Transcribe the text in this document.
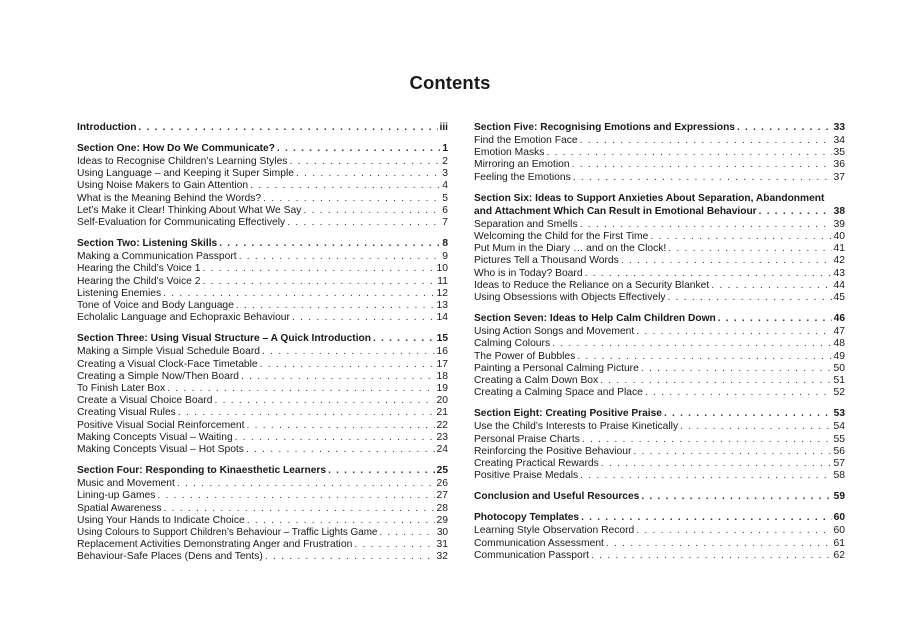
Contents
Introduction . . .	iii
Section One: How Do We Communicate? . . .	1
Ideas to Recognise Children’s Learning Styles . . .	2
Using Language – and Keeping it Super Simple . . .	3
Using Noise Makers to Gain Attention . . .	4
What is the Meaning Behind the Words? . . .	5
Let’s Make it Clear! Thinking About What We Say . . .	6
Self-Evaluation for Communicating Effectively . . .	7
Section Two: Listening Skills . . .	8
Making a Communication Passport . . .	9
Hearing the Child’s Voice 1 . . .	10
Hearing the Child’s Voice 2 . . .	11
Listening Enemies . . .	12
Tone of Voice and Body Language . . .	13
Echolalic Language and Echopraxic Behaviour . . .	14
Section Three: Using Visual Structure – A Quick Introduction . . .	15
Making a Simple Visual Schedule Board . . .	16
Creating a Visual Clock-Face Timetable . . .	17
Creating a Simple Now/Then Board . . .	18
To Finish Later Box . . .	19
Create a Visual Choice Board . . .	20
Creating Visual Rules . . .	21
Positive Visual Social Reinforcement . . .	22
Making Concepts Visual – Waiting . . .	23
Making Concepts Visual – Hot Spots . . .	24
Section Four: Responding to Kinaesthetic Learners . . .	25
Music and Movement . . .	26
Lining-up Games . . .	27
Spatial Awareness . . .	28
Using Your Hands to Indicate Choice . . .	29
Using Colours to Support Children’s Behaviour – Traffic Lights Game . . .	30
Replacement Activities Demonstrating Anger and Frustration . . .	31
Behaviour-Safe Places (Dens and Tents) . . .	32
Section Five: Recognising Emotions and Expressions . . .	33
Find the Emotion Face . . .	34
Emotion Masks . . .	35
Mirroring an Emotion . . .	36
Feeling the Emotions . . .	37
Section Six: Ideas to Support Anxieties About Separation, Abandonment
and Attachment Which Can Result in Emotional Behaviour . . .	38
Separation and Smells . . .	39
Welcoming the Child for the First Time . . .	40
Put Mum in the Diary … and on the Clock! . . .	41
Pictures Tell a Thousand Words . . .	42
Who is in Today? Board . . .	43
Ideas to Reduce the Reliance on a Security Blanket . . .	44
Using Obsessions with Objects Effectively . . .	45
Section Seven: Ideas to Help Calm Children Down . . .	46
Using Action Songs and Movement . . .	47
Calming Colours . . .	48
The Power of Bubbles . . .	49
Painting a Personal Calming Picture . . .	50
Creating a Calm Down Box . . .	51
Creating a Calming Space and Place . . .	52
Section Eight: Creating Positive Praise . . .	53
Use the Child’s Interests to Praise Kinetically . . .	54
Personal Praise Charts . . .	55
Reinforcing the Positive Behaviour . . .	56
Creating Practical Rewards . . .	57
Positive Praise Medals . . .	58
Conclusion and Useful Resources . . .	59
Photocopy Templates . . .	60
Learning Style Observation Record . . .	60
Communication Assessment . . .	61
Communication Passport . . .	62
